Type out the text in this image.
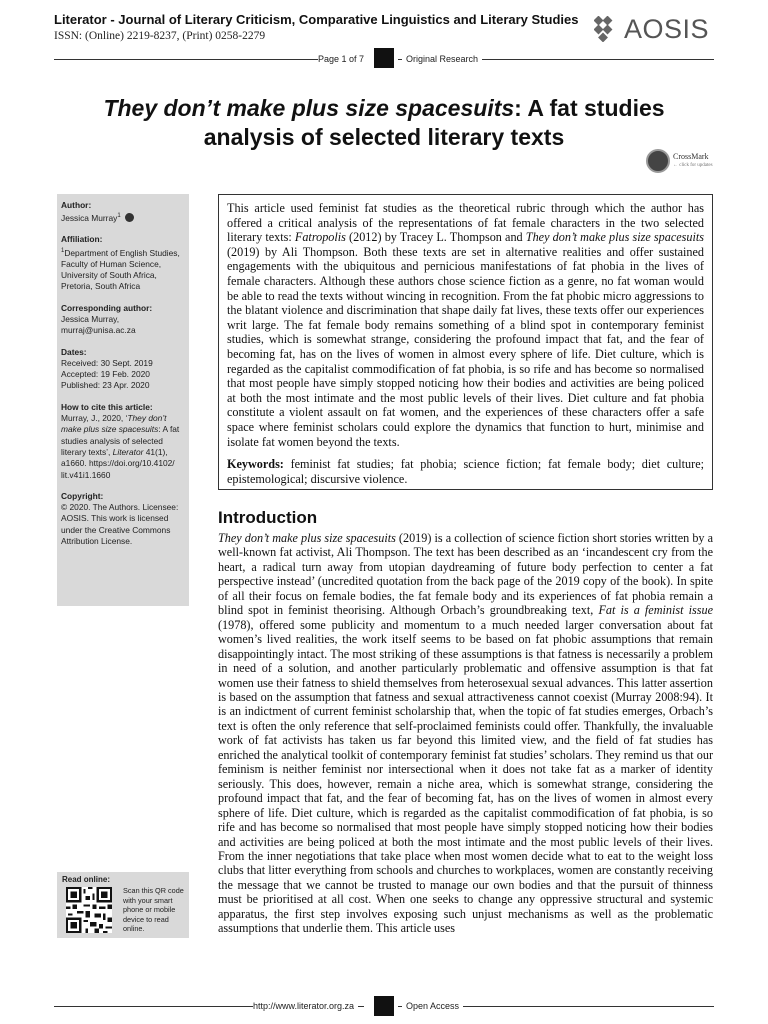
Literator - Journal of Literary Criticism, Comparative Linguistics and Literary Studies
ISSN: (Online) 2219-8237, (Print) 0258-2279	AOSIS
Page 1 of 7	Original Research
They don’t make plus size spacesuits: A fat studies analysis of selected literary texts
CrossMark
← click for updates
Author:
Jessica Murray$^1$
Affiliation:
$^1$Department of English Studies, Faculty of Human Science, University of South Africa, Pretoria, South Africa
Corresponding author:
Jessica Murray,
murraj@unisa.ac.za
Dates:
Received: 30 Sept. 2019
Accepted: 19 Feb. 2020
Published: 23 Apr. 2020
How to cite this article:
Murray, J., 2020, ‘They don’t make plus size spacesuits: A fat studies analysis of selected literary texts’, Literator 41(1), a1660. https://doi.org/10.4102/ lit.v41i1.1660
Copyright:
© 2020. The Authors. Licensee: AOSIS. This work is licensed under the Creative Commons Attribution License.
Read online:
Scan this QR code with your smart phone or mobile device to read online.
This article used feminist fat studies as the theoretical rubric through which the author has offered a critical analysis of the representations of fat female characters in the two selected literary texts: Fatropolis (2012) by Tracey L. Thompson and They don’t make plus size spacesuits (2019) by Ali Thompson. Both these texts are set in alternative realities and offer sustained engagements with the ubiquitous and pernicious manifestations of fat phobia in the lives of female characters. Although these authors chose science fiction as a genre, no fat woman would be able to read the texts without wincing in recognition. From the fat phobic micro aggressions to the blatant violence and discrimination that shape daily fat lives, these texts offer our experiences writ large. The fat female body remains something of a blind spot in contemporary feminist studies, which is somewhat strange, considering the profound impact that fat, and the fear of becoming fat, has on the lives of women in almost every sphere of life. Diet culture, which is regarded as the capitalist commodification of fat phobia, is so rife and has become so normalised that most people have simply stopped noticing how their bodies and activities are being policed at both the most intimate and the most public levels of their lives. Diet culture and fat phobia constitute a violent assault on fat women, and the experiences of these characters offer a safe space where feminist scholars could explore the dynamics that function to hurt, minimise and isolate fat women beyond the texts.
Keywords: feminist fat studies; fat phobia; science fiction; fat female body; diet culture; epistemological; discursive violence.
Introduction
They don’t make plus size spacesuits (2019) is a collection of science fiction short stories written by a well-known fat activist, Ali Thompson. The text has been described as an ‘incandescent cry from the heart, a radical turn away from utopian daydreaming of future body perfection to center a fat perspective instead’ (uncredited quotation from the back page of the 2019 copy of the book). In spite of all their focus on female bodies, the fat female body and its experiences of fat phobia remain a blind spot in feminist theorising. Although Orbach’s groundbreaking text, Fat is a feminist issue (1978), offered some publicity and momentum to a much needed larger conversation about fat women’s lived realities, the work itself seems to be based on fat phobic assumptions that remain disappointingly intact. The most striking of these assumptions is that fatness is necessarily a problem in need of a solution, and another particularly problematic and offensive assumption is that fat women use their fatness to shield themselves from heterosexual sexual advances. This latter assertion is based on the assumption that fatness and sexual attractiveness cannot coexist (Murray 2008:94). It is an indictment of current feminist scholarship that, when the topic of fat studies emerges, Orbach’s text is often the only reference that self-proclaimed feminists could offer. Thankfully, the invaluable work of fat activists has taken us far beyond this limited view, and the field of fat studies has enriched the analytical toolkit of contemporary feminist fat studies’ scholars. They remind us that our feminism is neither feminist nor intersectional when it does not take fat as a marker of identity seriously. This does, however, remain a niche area, which is somewhat strange, considering the profound impact that fat, and the fear of becoming fat, has on the lives of women in almost every sphere of life. Diet culture, which is regarded as the capitalist commodification of fat phobia, is so rife and has become so normalised that most people have simply stopped noticing how their bodies and activities are being policed at both the most intimate and the most public levels of their lives. From the inner negotiations that take place when most women decide what to eat to the weight loss clubs that litter everything from schools and churches to workplaces, women are constantly receiving the message that we cannot be trusted to manage our own bodies and that the pursuit of thinness must be prioritised at all cost. When one seeks to change any oppressive structural and systemic apparatus, the first step involves exposing such unjust mechanisms as well as the problematic assumptions that underlie them. This article uses
http://www.literator.org.za	Open Access
